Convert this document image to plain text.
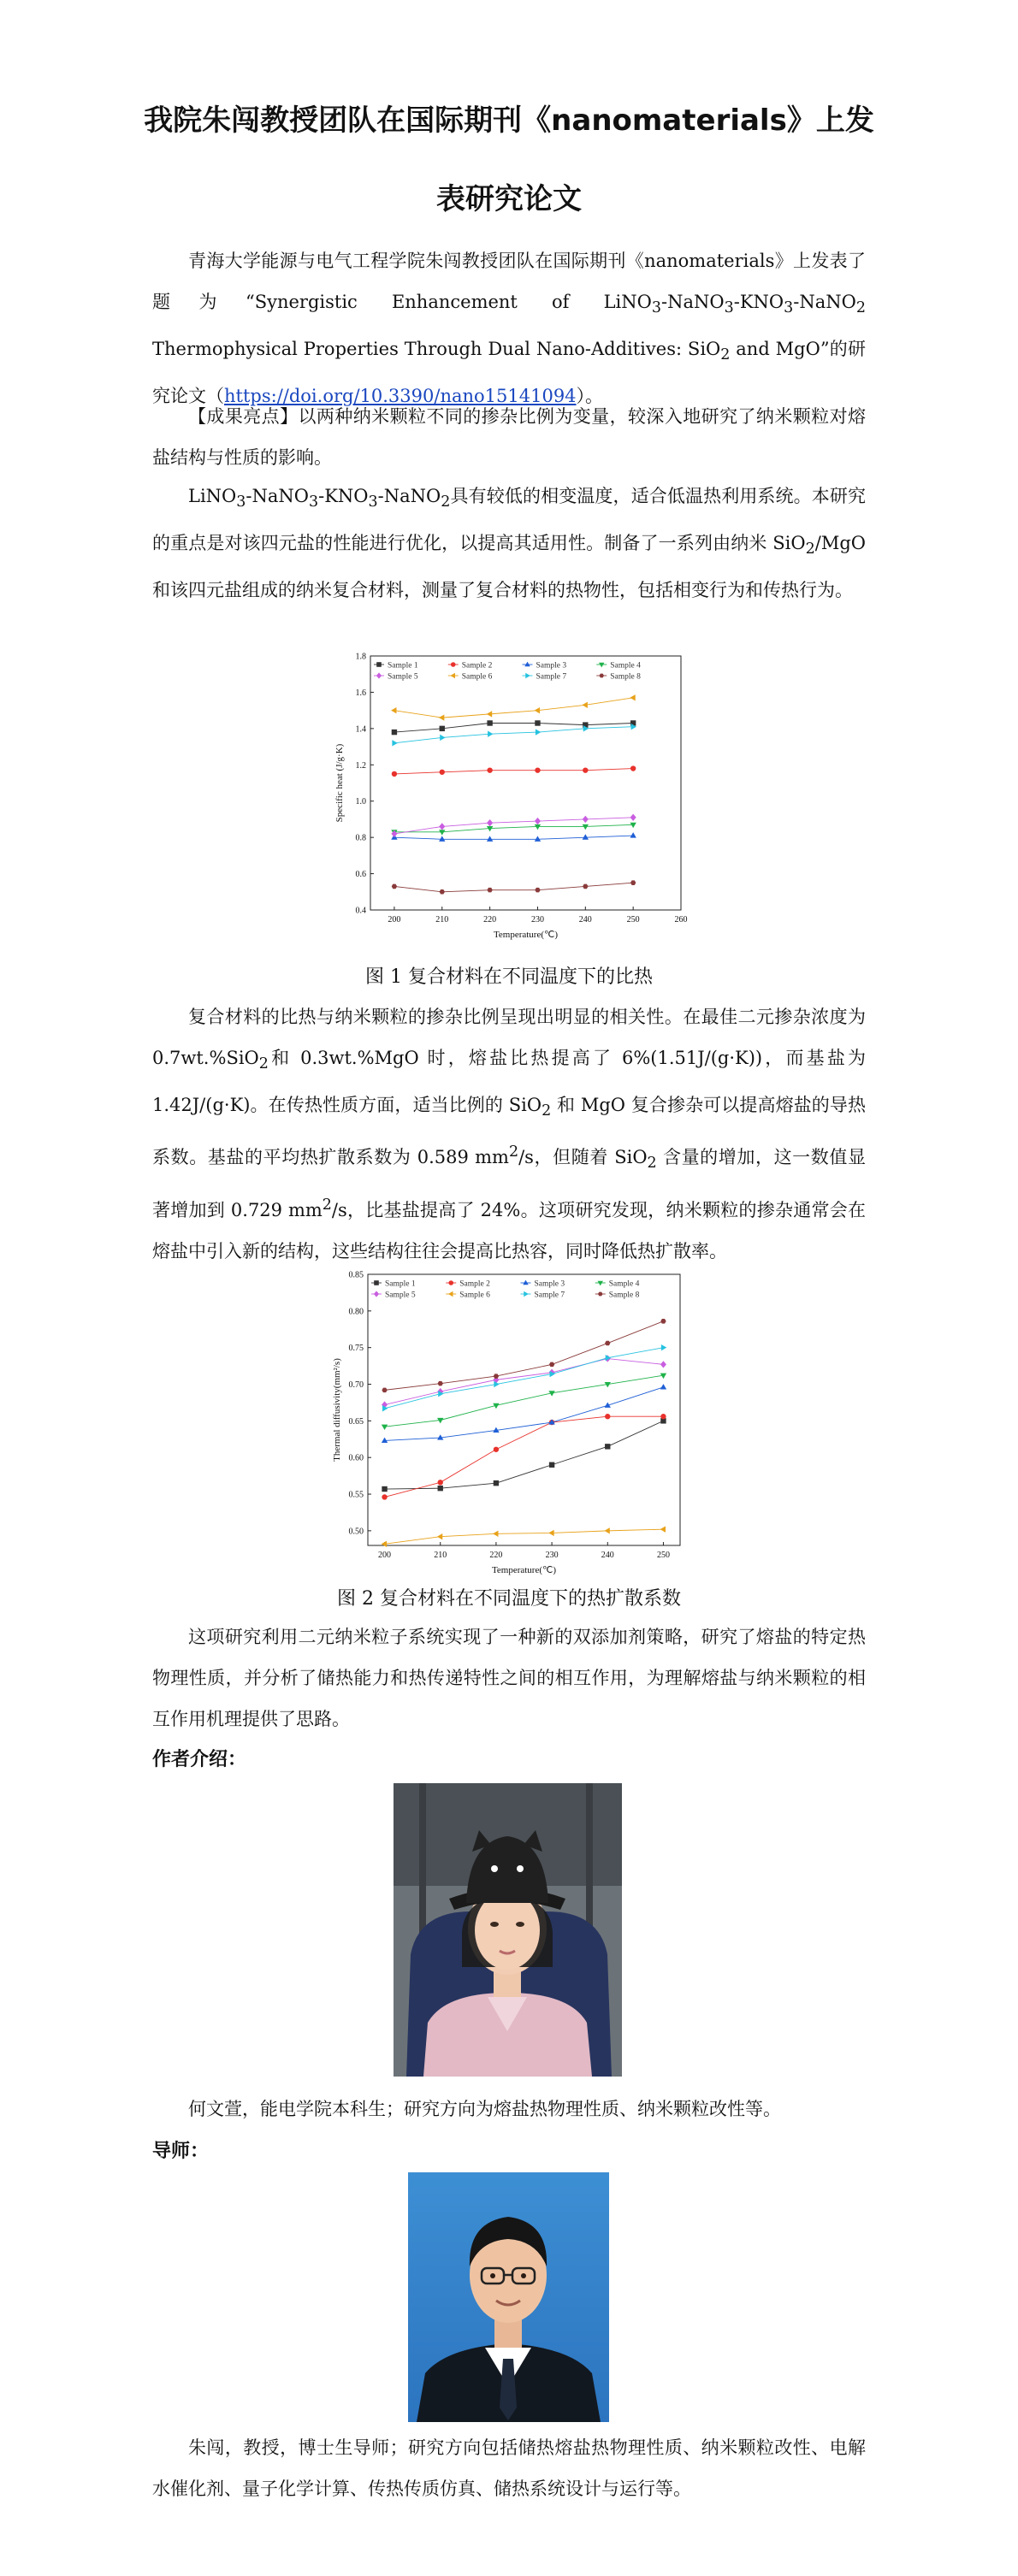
我院朱闯教授团队在国际期刊《nanomaterials》上发
表研究论文

青海大学能源与电气工程学院朱闯教授团队在国际期刊《nanomaterials》上发表了题为“Synergistic Enhancement of $LiNO_3-NaNO_3-KNO_3-NaNO_2$ Thermophysical Properties Through Dual Nano-Additives: SiO$_2$ and MgO”的研究论文（https://doi.org/10.3390/nano15141094）。

【成果亮点】以两种纳米颗粒不同的掺杂比例为变量，较深入地研究了纳米颗粒对熔盐结构与性质的影响。

$LiNO_3-NaNO_3-KNO_3-NaNO_2$具有较低的相变温度，适合低温热利用系统。本研究的重点是对该四元盐的性能进行优化，以提高其适用性。制备了一系列由纳米 SiO$_2$/MgO 和该四元盐组成的纳米复合材料，测量了复合材料的热物性，包括相变行为和传热行为。

200	210	220	230	240	250	260
0.4
0.6
0.8
1.0
1.2
1.4
1.6
1.8
Temperature(℃)
Specific heat (J/g·K)
Sample 1	Sample 2	Sample 3	Sample 4
Sample 5	Sample 6	Sample 7	Sample 8

图 1 复合材料在不同温度下的比热

复合材料的比热与纳米颗粒的掺杂比例呈现出明显的相关性。在最佳二元掺杂浓度为 0.7wt.%SiO$_2$和 0.3wt.%MgO 时，熔盐比热提高了 6%(1.51J/(g·K))，而基盐为 1.42J/(g·K)。在传热性质方面，适当比例的 SiO$_2$ 和 MgO 复合掺杂可以提高熔盐的导热系数。基盐的平均热扩散系数为 0.589 $mm^2/s$，但随着 SiO$_2$ 含量的增加，这一数值显著增加到 0.729 $mm^2/s$，比基盐提高了 24%。这项研究发现，纳米颗粒的掺杂通常会在熔盐中引入新的结构，这些结构往往会提高比热容，同时降低热扩散率。

200	210	220	230	240	250
0.50
0.55
0.60
0.65
0.70
0.75
0.80
0.85
Temperature(℃)
Thermal diffusivity(mm²/s)
Sample 1	Sample 2	Sample 3	Sample 4
Sample 5	Sample 6	Sample 7	Sample 8

图 2 复合材料在不同温度下的热扩散系数

这项研究利用二元纳米粒子系统实现了一种新的双添加剂策略，研究了熔盐的特定热物理性质，并分析了储热能力和热传递特性之间的相互作用，为理解熔盐与纳米颗粒的相互作用机理提供了思路。

作者介绍：

何文萱，能电学院本科生；研究方向为熔盐热物理性质、纳米颗粒改性等。

导师：

朱闯，教授，博士生导师；研究方向包括储热熔盐热物理性质、纳米颗粒改性、电解水催化剂、量子化学计算、传热传质仿真、储热系统设计与运行等。
